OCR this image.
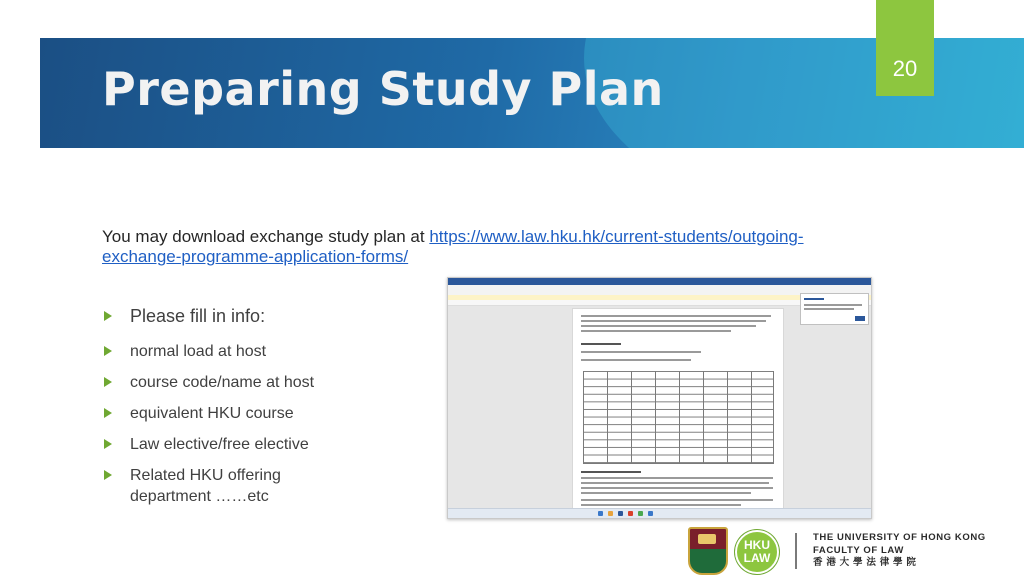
Preparing Study Plan	20
You may download exchange study plan at https://www.law.hku.hk/current-students/outgoing-exchange-programme-application-forms/
Please fill in info:
normal load at host
course code/name at host
equivalent HKU course
Law elective/free elective
Related HKU offering department ……etc
HKU
LAW
THE UNIVERSITY OF HONG KONG
FACULTY OF LAW
香 港 大 學 法 律 學 院
